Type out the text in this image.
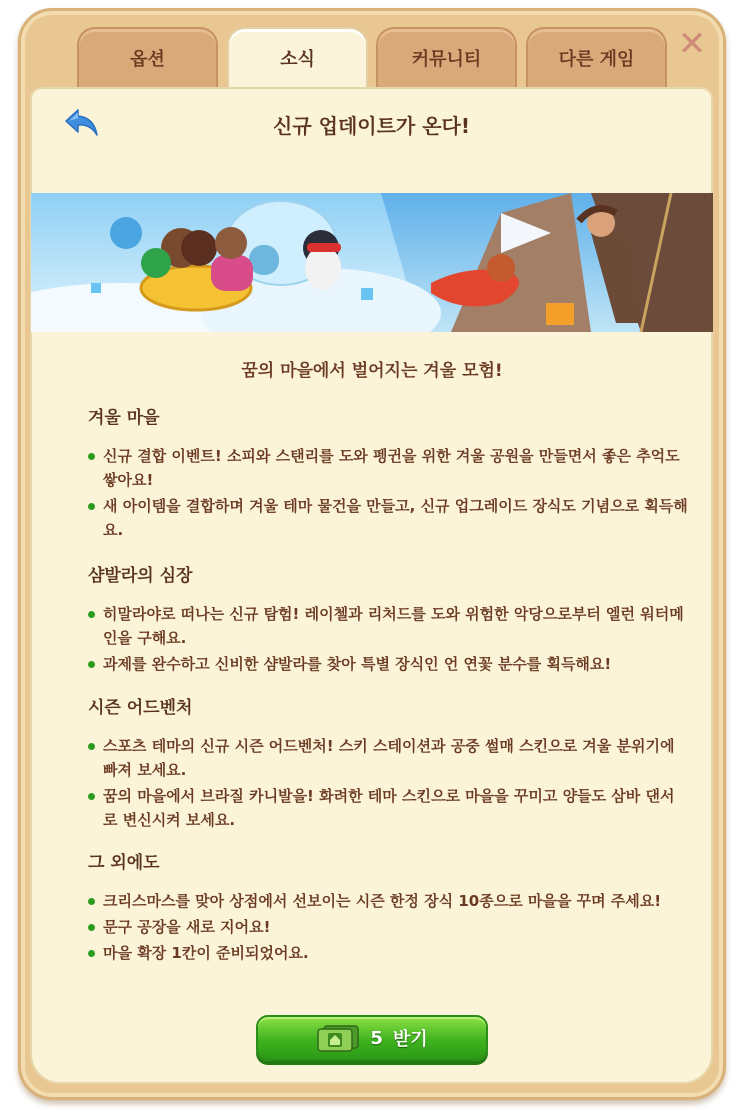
옵션	소식	커뮤니티	다른 게임	✕
신규 업데이트가 온다!
꿈의 마을에서 벌어지는 겨울 모험!
겨울 마을
신규 결합 이벤트! 소피와 스탠리를 도와 펭귄을 위한 겨울 공원을 만들면서 좋은 추억도 쌓아요!
새 아이템을 결합하며 겨울 테마 물건을 만들고, 신규 업그레이드 장식도 기념으로 획득해요.
샴발라의 심장
히말라야로 떠나는 신규 탐험! 레이첼과 리처드를 도와 위험한 악당으로부터 엘런 워터메인을 구해요.
과제를 완수하고 신비한 샴발라를 찾아 특별 장식인 언 연꽃 분수를 획득해요!
시즌 어드벤처
스포츠 테마의 신규 시즌 어드벤처! 스키 스테이션과 공중 썰매 스킨으로 겨울 분위기에 빠져 보세요.
꿈의 마을에서 브라질 카니발을! 화려한 테마 스킨으로 마을을 꾸미고 양들도 삼바 댄서로 변신시켜 보세요.
그 외에도
크리스마스를 맞아 상점에서 선보이는 시즌 한정 장식 10종으로 마을을 꾸며 주세요!
문구 공장을 새로 지어요!
마을 확장 1칸이 준비되었어요.
5 받기
